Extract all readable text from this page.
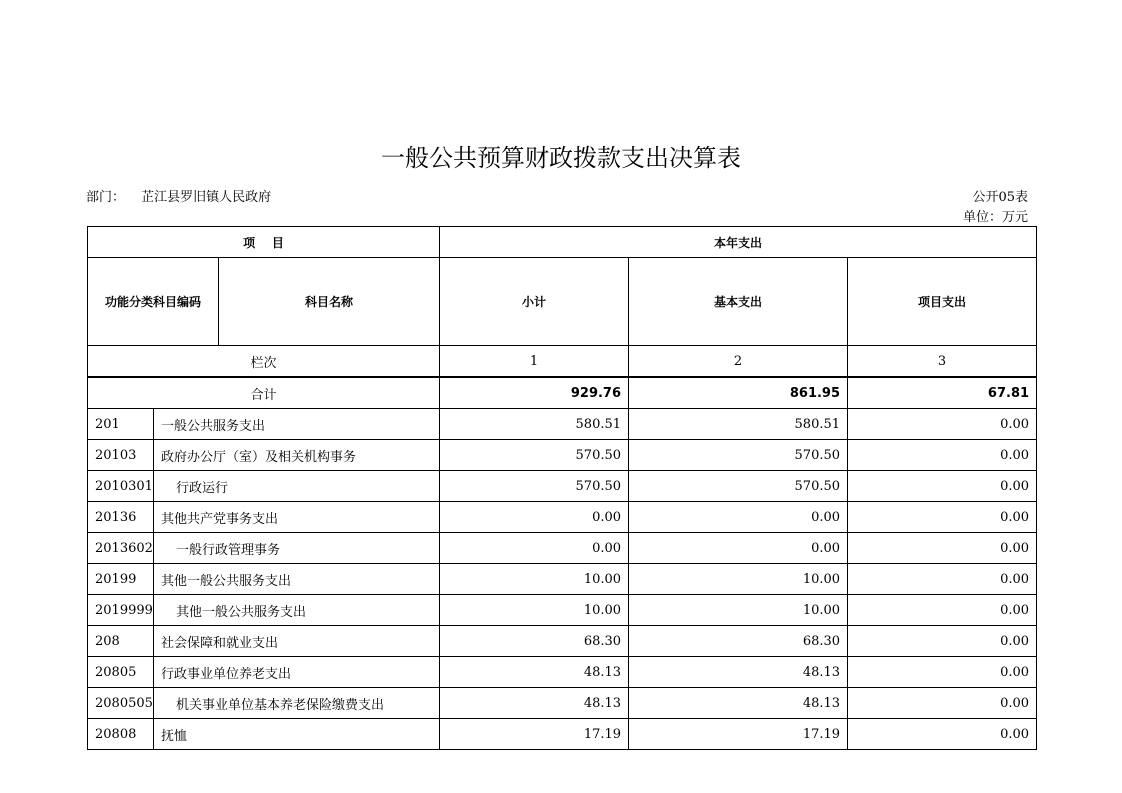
一般公共预算财政拨款支出决算表
部门： 芷江县罗旧镇人民政府	公开05表
单位：万元
项    目			本年支出		
功能分类科目编码		科目名称	小计	基本支出	项目支出
栏次			1	2	3
合计			929.76	861.95	67.81
201	一般公共服务支出		580.51	580.51	0.00
20103	政府办公厅（室）及相关机构事务		570.50	570.50	0.00
2010301	行政运行		570.50	570.50	0.00
20136	其他共产党事务支出		0.00	0.00	0.00
2013602	一般行政管理事务		0.00	0.00	0.00
20199	其他一般公共服务支出		10.00	10.00	0.00
2019999	其他一般公共服务支出		10.00	10.00	0.00
208	社会保障和就业支出		68.30	68.30	0.00
20805	行政事业单位养老支出		48.13	48.13	0.00
2080505	机关事业单位基本养老保险缴费支出		48.13	48.13	0.00
20808	抚恤		17.19	17.19	0.00
